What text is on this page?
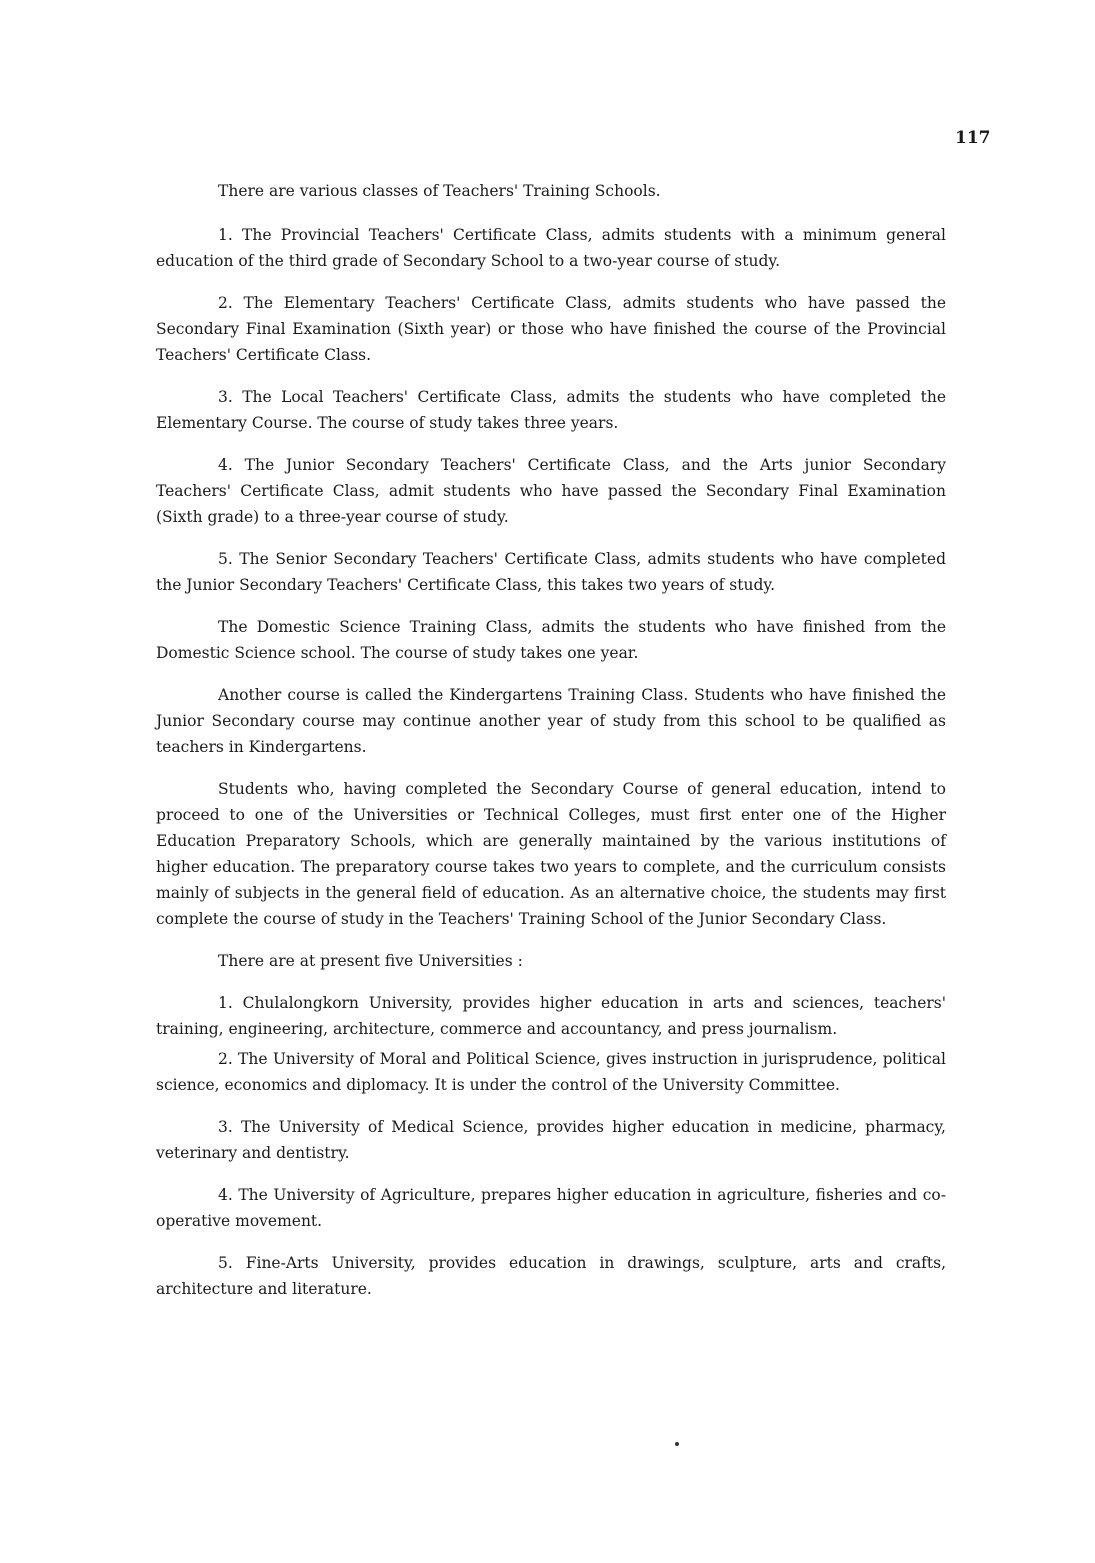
117

There are various classes of Teachers' Training Schools.

1. The Provincial Teachers' Certificate Class, admits students with a minimum general education of the third grade of Secondary School to a two-year course of study.

2. The Elementary Teachers' Certificate Class, admits students who have passed the Secondary Final Examination (Sixth year) or those who have finished the course of the Provincial Teachers' Certificate Class.

3. The Local Teachers' Certificate Class, admits the students who have completed the Elementary Course. The course of study takes three years.

4. The Junior Secondary Teachers' Certificate Class, and the Arts junior Secondary Teachers' Certificate Class, admit students who have passed the Secondary Final Examination (Sixth grade) to a three-year course of study.

5. The Senior Secondary Teachers' Certificate Class, admits students who have completed the Junior Secondary Teachers' Certificate Class, this takes two years of study.

The Domestic Science Training Class, admits the students who have finished from the Domestic Science school. The course of study takes one year.

Another course is called the Kindergartens Training Class. Students who have finished the Junior Secondary course may continue another year of study from this school to be qualified as teachers in Kindergartens.

Students who, having completed the Secondary Course of general education, intend to proceed to one of the Universities or Technical Colleges, must first enter one of the Higher Education Preparatory Schools, which are generally maintained by the various institutions of higher education. The preparatory course takes two years to complete, and the curriculum consists mainly of subjects in the general field of education. As an alternative choice, the students may first complete the course of study in the Teachers' Training School of the Junior Secondary Class.

There are at present five Universities :

1. Chulalongkorn University, provides higher education in arts and sciences, teachers' training, engineering, architecture, commerce and accountancy, and press journalism.

2. The University of Moral and Political Science, gives instruction in jurisprudence, political science, economics and diplomacy. It is under the control of the University Committee.

3. The University of Medical Science, provides higher education in medicine, pharmacy, veterinary and dentistry.

4. The University of Agriculture, prepares higher education in agriculture, fisheries and co-operative movement.

5. Fine-Arts University, provides education in drawings, sculpture, arts and crafts, architecture and literature.
